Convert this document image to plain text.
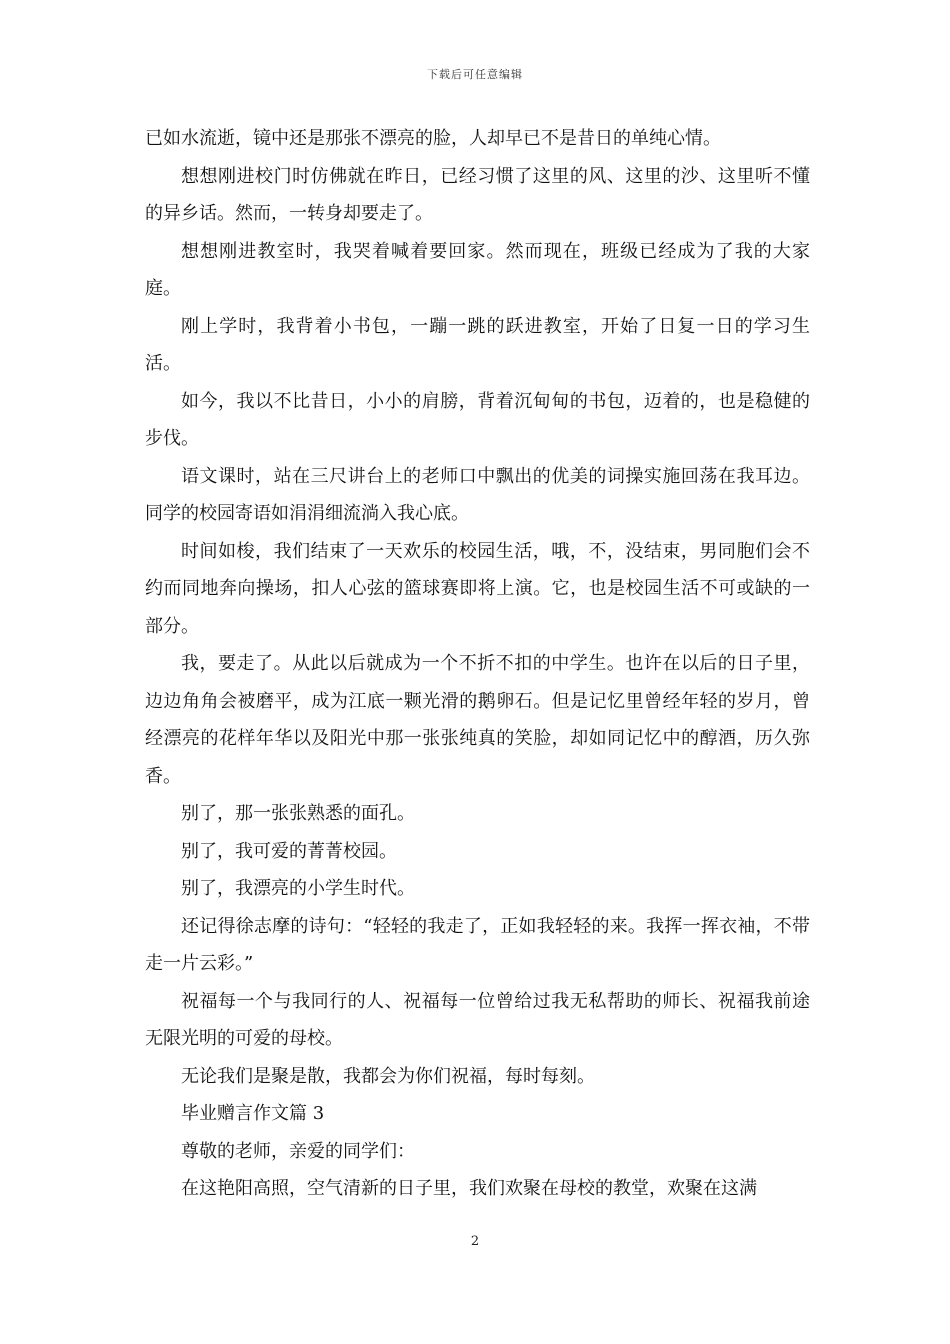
下载后可任意编辑

已如水流逝，镜中还是那张不漂亮的脸，人却早已不是昔日的单纯心情。

想想刚进校门时仿佛就在昨日，已经习惯了这里的风、这里的沙、这里听不懂的异乡话。然而，一转身却要走了。

想想刚进教室时，我哭着喊着要回家。然而现在，班级已经成为了我的大家庭。

刚上学时，我背着小书包，一蹦一跳的跃进教室，开始了日复一日的学习生活。

如今，我以不比昔日，小小的肩膀，背着沉甸甸的书包，迈着的，也是稳健的步伐。

语文课时，站在三尺讲台上的老师口中飘出的优美的词操实施回荡在我耳边。同学的校园寄语如涓涓细流淌入我心底。

时间如梭，我们结束了一天欢乐的校园生活，哦，不，没结束，男同胞们会不约而同地奔向操场，扣人心弦的篮球赛即将上演。它，也是校园生活不可或缺的一部分。

我，要走了。从此以后就成为一个不折不扣的中学生。也许在以后的日子里，边边角角会被磨平，成为江底一颗光滑的鹅卵石。但是记忆里曾经年轻的岁月，曾经漂亮的花样年华以及阳光中那一张张纯真的笑脸，却如同记忆中的醇酒，历久弥香。

别了，那一张张熟悉的面孔。

别了，我可爱的菁菁校园。

别了，我漂亮的小学生时代。

还记得徐志摩的诗句：“轻轻的我走了，正如我轻轻的来。我挥一挥衣袖，不带走一片云彩。”

祝福每一个与我同行的人、祝福每一位曾给过我无私帮助的师长、祝福我前途无限光明的可爱的母校。

无论我们是聚是散，我都会为你们祝福，每时每刻。

毕业赠言作文篇 3

尊敬的老师，亲爱的同学们：

在这艳阳高照，空气清新的日子里，我们欢聚在母校的教堂，欢聚在这满

2
